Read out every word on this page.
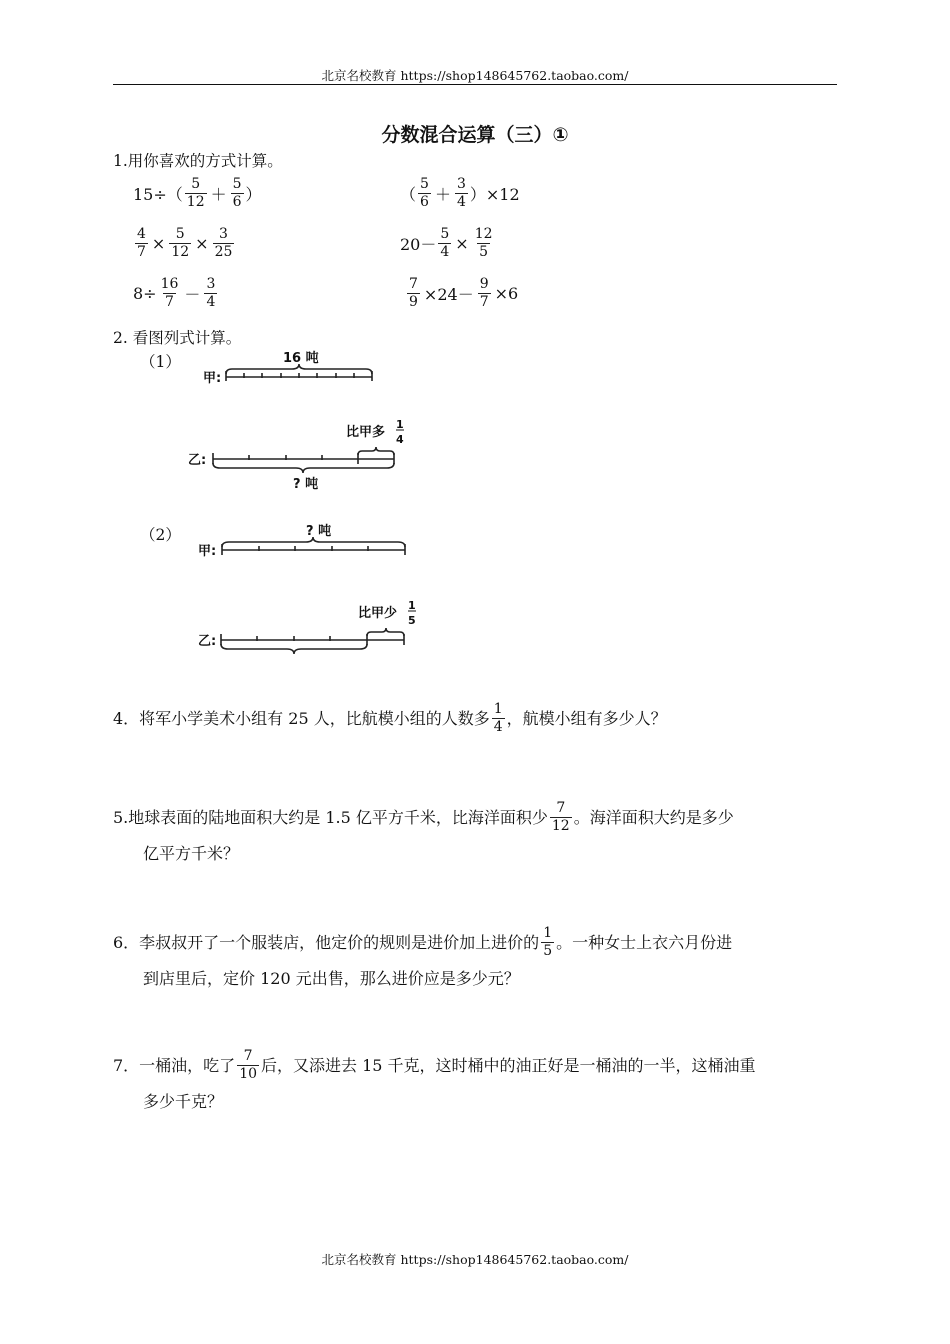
北京名校教育 https://shop148645762.taobao.com/
分数混合运算（三）①
1.用你喜欢的方式计算。
$15\div( \frac{5}{12} + \frac{5}{6}$ ）	（ $\frac{5}{6} + \frac{3}{4} )\times 12$
$\frac{4}{7} \times \frac{5}{12} \times \frac{3}{25}$	$20- \frac{5}{4} \times \frac{12}{5}$
$8\div \frac{16}{7} - \frac{3}{4}$	$\frac{7}{9} \times 24- \frac{9}{7} \times 6$
2. 看图列式计算。
（1）
（2）
甲:
16 吨
乙:
比甲多
1
4
? 吨
甲:
? 吨
乙:
比甲少
1
5
4．将军小学美术小组有 25 人，比航模小组的人数多 $\frac{1}{4}$ ，航模小组有多少人？
5.地球表面的陆地面积大约是 1.5 亿平方千米，比海洋面积少 $\frac{7}{12}$ 。海洋面积大约是多少
亿平方千米？
6．李叔叔开了一个服装店，他定价的规则是进价加上进价的 $\frac{1}{5}$ 。一种女士上衣六月份进
到店里后，定价 120 元出售，那么进价应是多少元？
7．一桶油，吃了 $\frac{7}{10}$ 后，又添进去 15 千克，这时桶中的油正好是一桶油的一半，这桶油重
多少千克？
北京名校教育 https://shop148645762.taobao.com/
